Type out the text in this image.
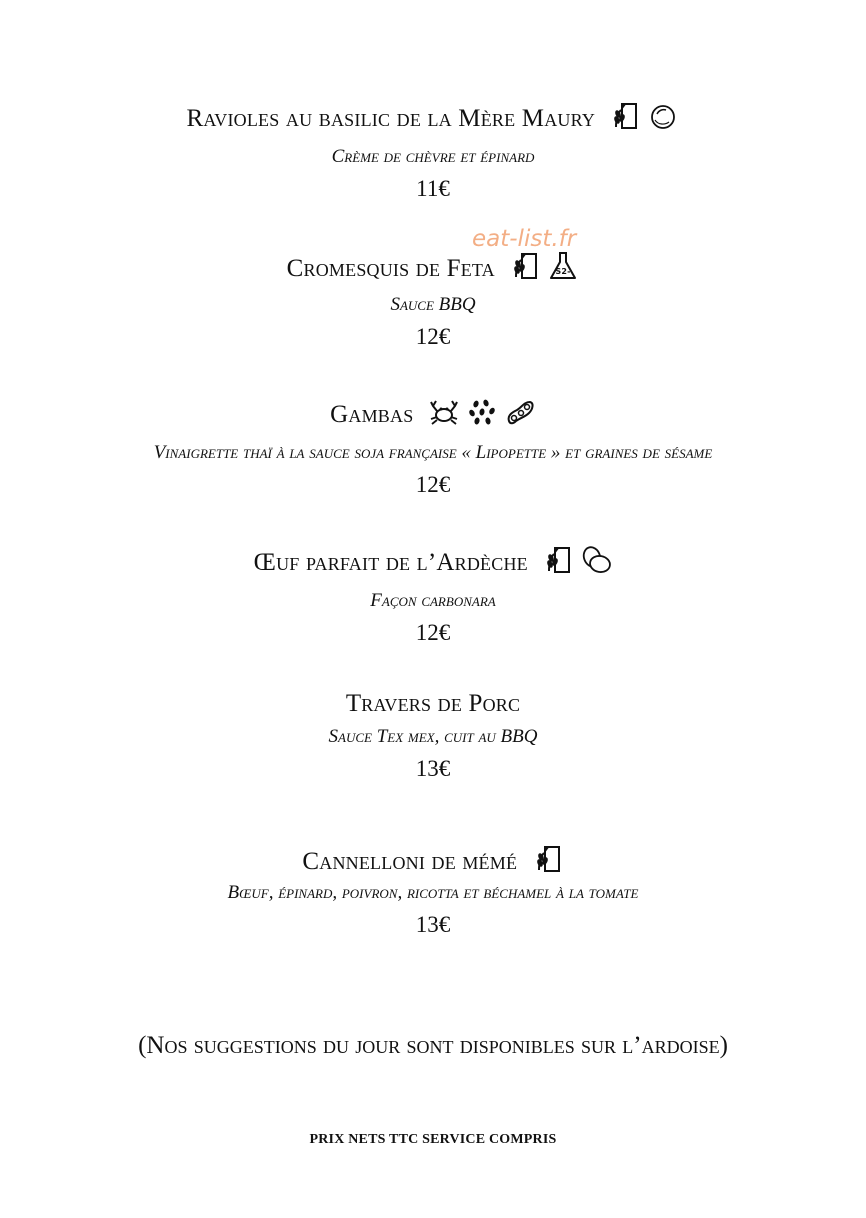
Ravioles au basilic de la Mère Maury
Crème de chèvre et épinard
11€
Cromesquis de Feta	S2-
Sauce BBQ
12€
Gambas
Vinaigrette thaï à la sauce soja française « Lipopette » et graines de sésame
12€
Œuf parfait de l’Ardèche
Façon carbonara
12€
Travers de Porc
Sauce Tex mex, cuit au BBQ
13€
Cannelloni de mémé
Bœuf, épinard, poivron, ricotta et béchamel à la tomate
13€
(Nos suggestions du jour sont disponibles sur l’ardoise)
PRIX NETS TTC SERVICE COMPRIS
eat-list.fr
